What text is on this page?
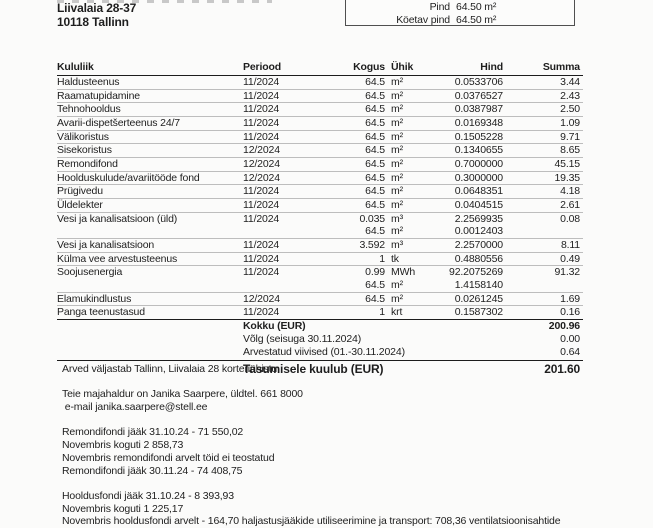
Liivalaia 28-37
10118 Tallinn
Pind 64.50 m²
Köetav pind 64.50 m²
Kululiik	Periood	Kogus Ühik	Hind	Summa
Haldusteenus	11/2024	64.5 m²	0.0533706	3.44
Raamatupidamine	11/2024	64.5 m²	0.0376527	2.43
Tehnohooldus	11/2024	64.5 m²	0.0387987	2.50
Avarii-dispetšerteenus 24/7	11/2024	64.5 m²	0.0169348	1.09
Välikoristus	11/2024	64.5 m²	0.1505228	9.71
Sisekoristus	12/2024	64.5 m²	0.1340655	8.65
Remondifond	12/2024	64.5 m²	0.7000000	45.15
Hoolduskulude/avariitööde fond	12/2024	64.5 m²	0.3000000	19.35
Prügivedu	11/2024	64.5 m²	0.0648351	4.18
Üldelekter	11/2024	64.5 m²	0.0404515	2.61
Vesi ja kanalisatsioon (üld)	11/2024	0.035 m³	2.2569935	0.08
64.5 m²	0.0012403
Vesi ja kanalisatsioon	11/2024	3.592 m³	2.2570000	8.11
Külma vee arvestusteenus	11/2024	1 tk	0.4880556	0.49
Soojusenergia	11/2024	0.99 MWh	92.2075269	91.32
64.5 m²	1.4158140
Elamukindlustus	12/2024	64.5 m²	0.0261245	1.69
Panga teenustasud	11/2024	1 krt	0.1587302	0.16
Kokku (EUR)	200.96
Võlg (seisuga 30.11.2024)	0.00
Arvestatud viivised (01.-30.11.2024)	0.64
Tasumisele kuulub (EUR)	201.60
Arved väljastab Tallinn, Liivalaia 28 korteriühistu
Teie majahaldur on Janika Saarpere, üldtel. 661 8000
e-mail janika.saarpere@stell.ee
Remondifondi jääk 31.10.24 - 71 550,02
Novembris koguti 2 858,73
Novembris remondifondi arvelt töid ei teostatud
Remondifondi jääk 30.11.24 - 74 408,75
Hooldusfondi jääk 31.10.24 - 8 393,93
Novembris koguti 1 225,17
Novembris hooldusfondi arvelt - 164,70 haljastusjääkide utiliseerimine ja transport: 708,36 ventilatsioonisahtide
